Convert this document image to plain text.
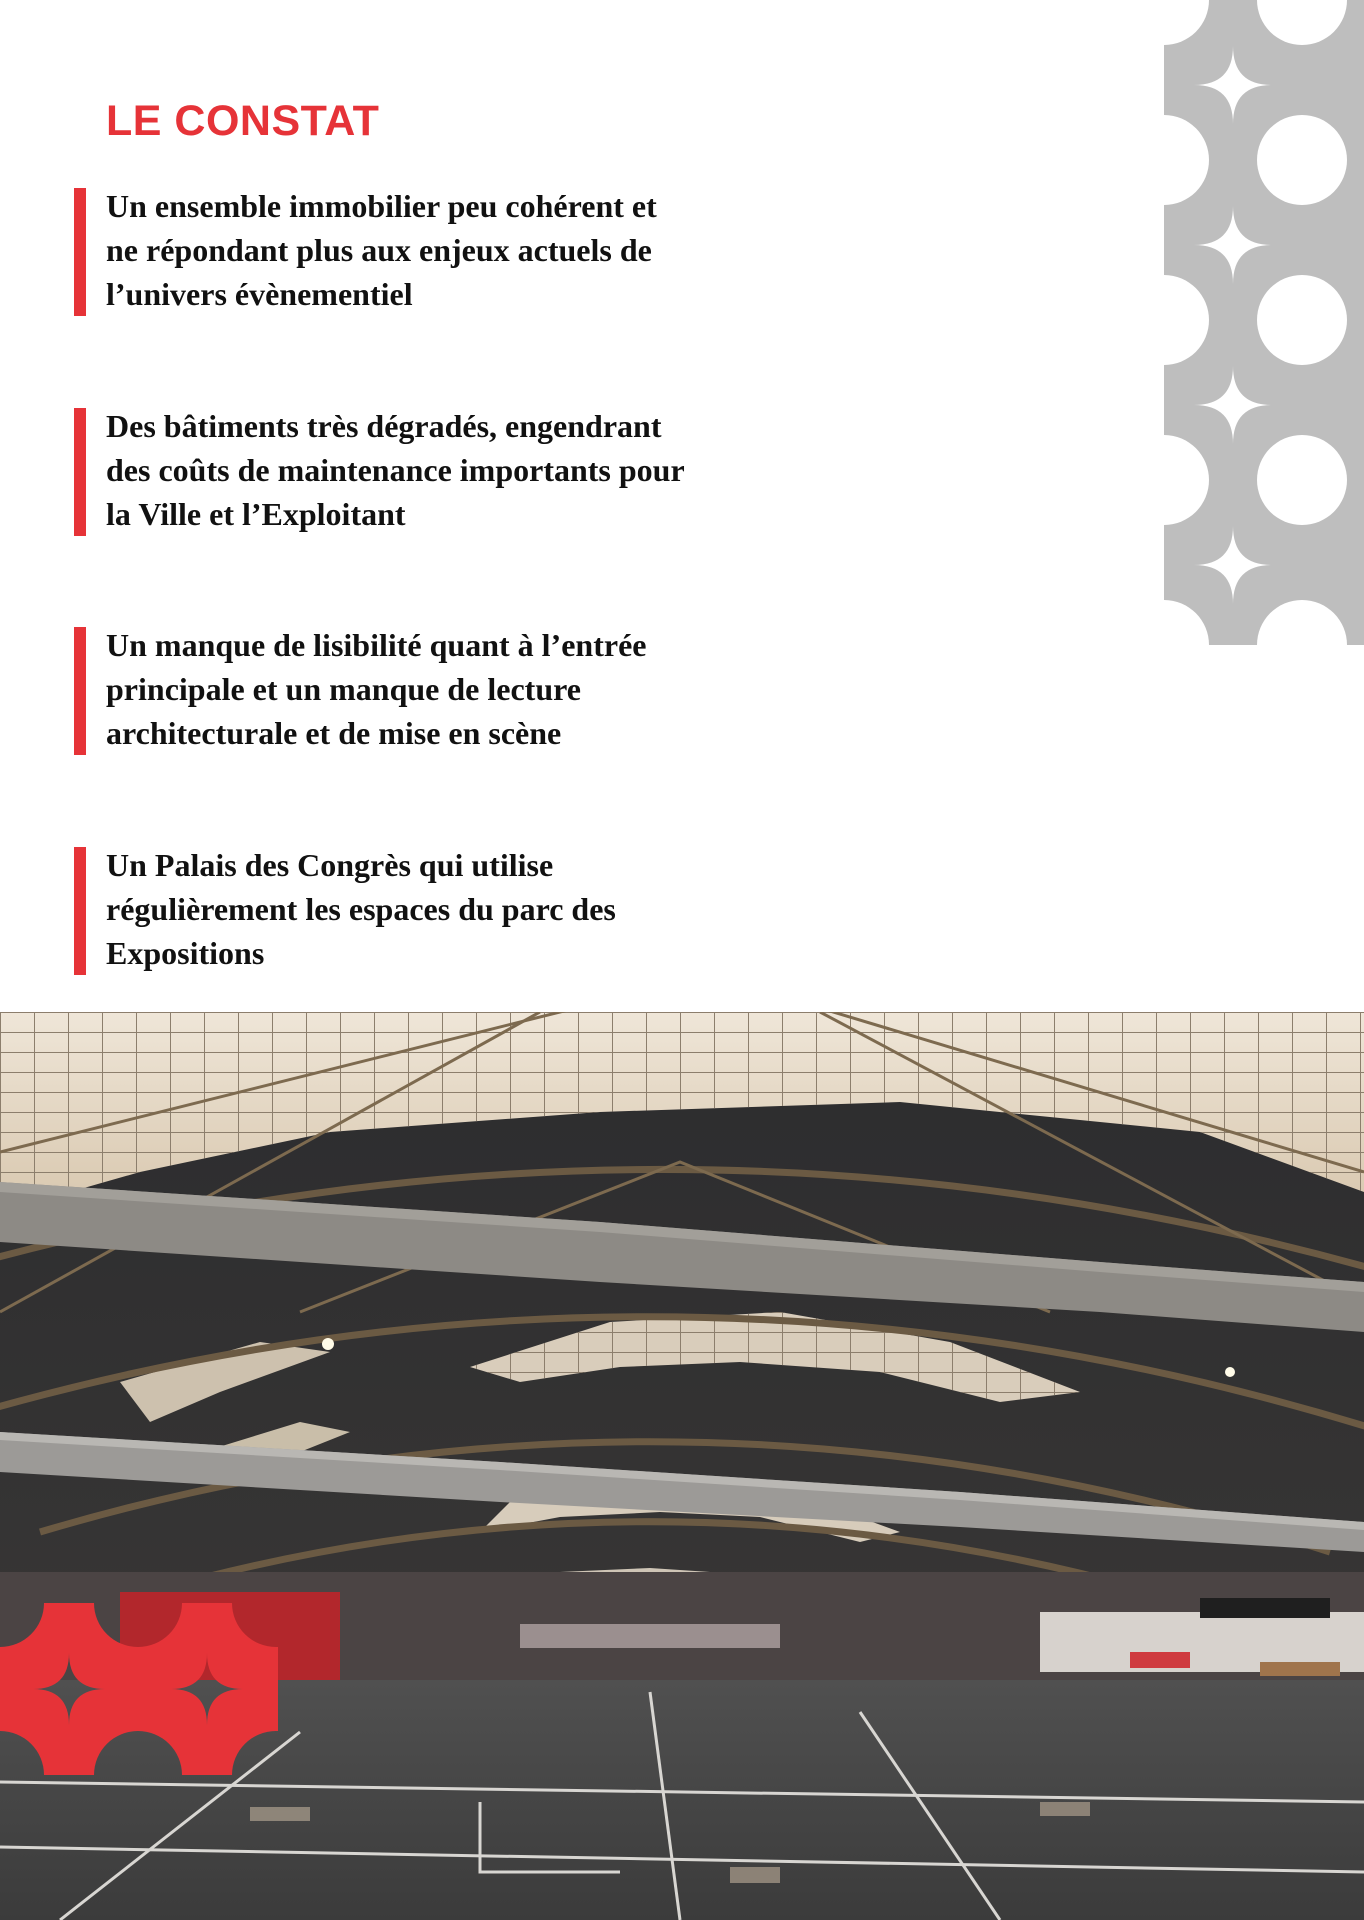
LE CONSTAT

Un ensemble immobilier peu cohérent et ne répondant plus aux enjeux actuels de l’univers évènementiel

Des bâtiments très dégradés, engendrant des coûts de maintenance importants pour la Ville et l’Exploitant

Un manque de lisibilité quant à l’entrée principale et un manque de lecture architecturale et de mise en scène

Un Palais des Congrès qui utilise régulièrement les espaces du parc des Expositions
